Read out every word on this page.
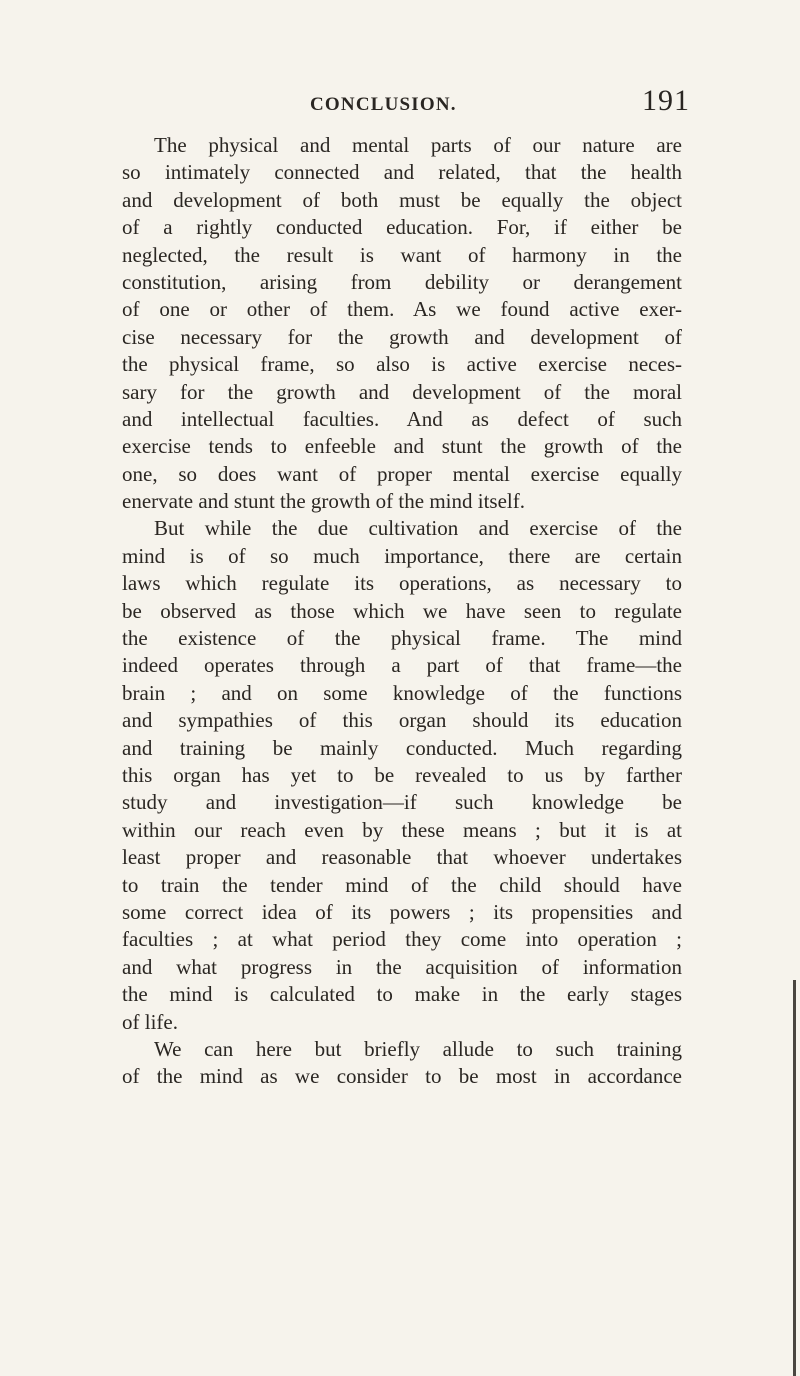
CONCLUSION.	191
The physical and mental parts of our nature are
so intimately connected and related, that the health
and development of both must be equally the object
of a rightly conducted education. For, if either be
neglected, the result is want of harmony in the
constitution, arising from debility or derangement
of one or other of them. As we found active exer-
cise necessary for the growth and development of
the physical frame, so also is active exercise neces-
sary for the growth and development of the moral
and intellectual faculties. And as defect of such
exercise tends to enfeeble and stunt the growth of the
one, so does want of proper mental exercise equally
enervate and stunt the growth of the mind itself.
But while the due cultivation and exercise of the
mind is of so much importance, there are certain
laws which regulate its operations, as necessary to
be observed as those which we have seen to regulate
the existence of the physical frame. The mind
indeed operates through a part of that frame—the
brain ; and on some knowledge of the functions
and sympathies of this organ should its education
and training be mainly conducted. Much regarding
this organ has yet to be revealed to us by farther
study and investigation—if such knowledge be
within our reach even by these means ; but it is at
least proper and reasonable that whoever undertakes
to train the tender mind of the child should have
some correct idea of its powers ; its propensities and
faculties ; at what period they come into operation ;
and what progress in the acquisition of information
the mind is calculated to make in the early stages
of life.
We can here but briefly allude to such training
of the mind as we consider to be most in accordance
